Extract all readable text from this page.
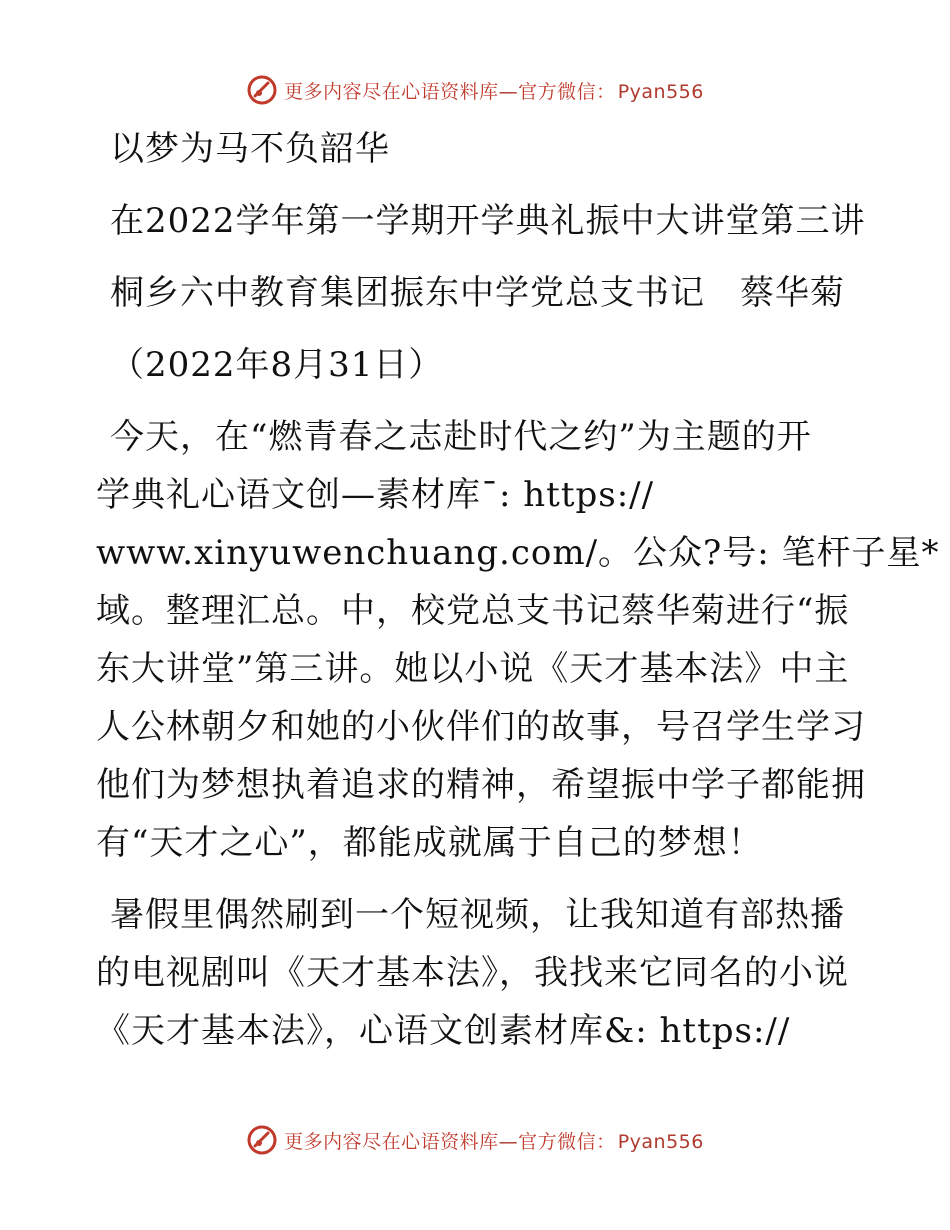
更多内容尽在心语资料库—官方微信： Pyan556
以梦为马不负韶华
在2022学年第一学期开学典礼振中大讲堂第三讲
桐乡六中教育集团振东中学党总支书记　蔡华菊
（2022年8月31日）
今天，在“燃青春之志赴时代之约”为主题的开
学典礼心语文创—素材库¯: https://
www.xinyuwenchuang.com/。公众?号: 笔杆子星*
域。整理汇总。中，校党总支书记蔡华菊进行“振
东大讲堂”第三讲。她以小说《天才基本法》中主
人公林朝夕和她的小伙伴们的故事，号召学生学习
他们为梦想执着追求的精神，希望振中学子都能拥
有“天才之心”，都能成就属于自己的梦想！
暑假里偶然刷到一个短视频，让我知道有部热播
的电视剧叫《天才基本法》，我找来它同名的小说
《天才基本法》，心语文创素材库&: https://
更多内容尽在心语资料库—官方微信： Pyan556
